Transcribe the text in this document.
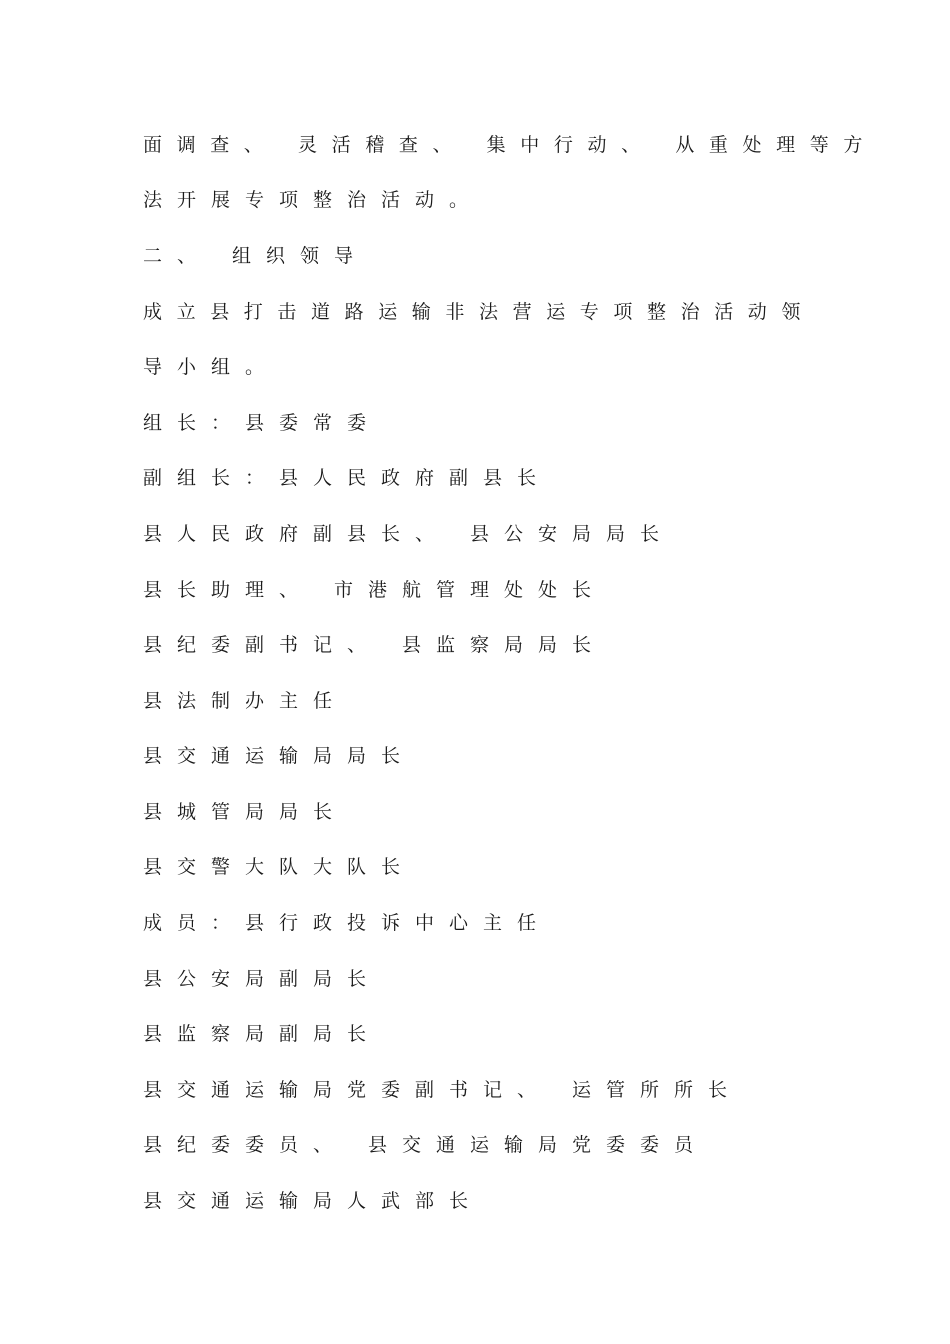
面调查、 灵活稽查、 集中行动、 从重处理等方
法开展专项整治活动。
二、 组织领导
成立县打击道路运输非法营运专项整治活动领
导小组。
组长：县委常委
副组长：县人民政府副县长
县人民政府副县长、 县公安局局长
县长助理、 市港航管理处处长
县纪委副书记、 县监察局局长
县法制办主任
县交通运输局局长
县城管局局长
县交警大队大队长
成员：县行政投诉中心主任
县公安局副局长
县监察局副局长
县交通运输局党委副书记、 运管所所长
县纪委委员、 县交通运输局党委委员
县交通运输局人武部长
